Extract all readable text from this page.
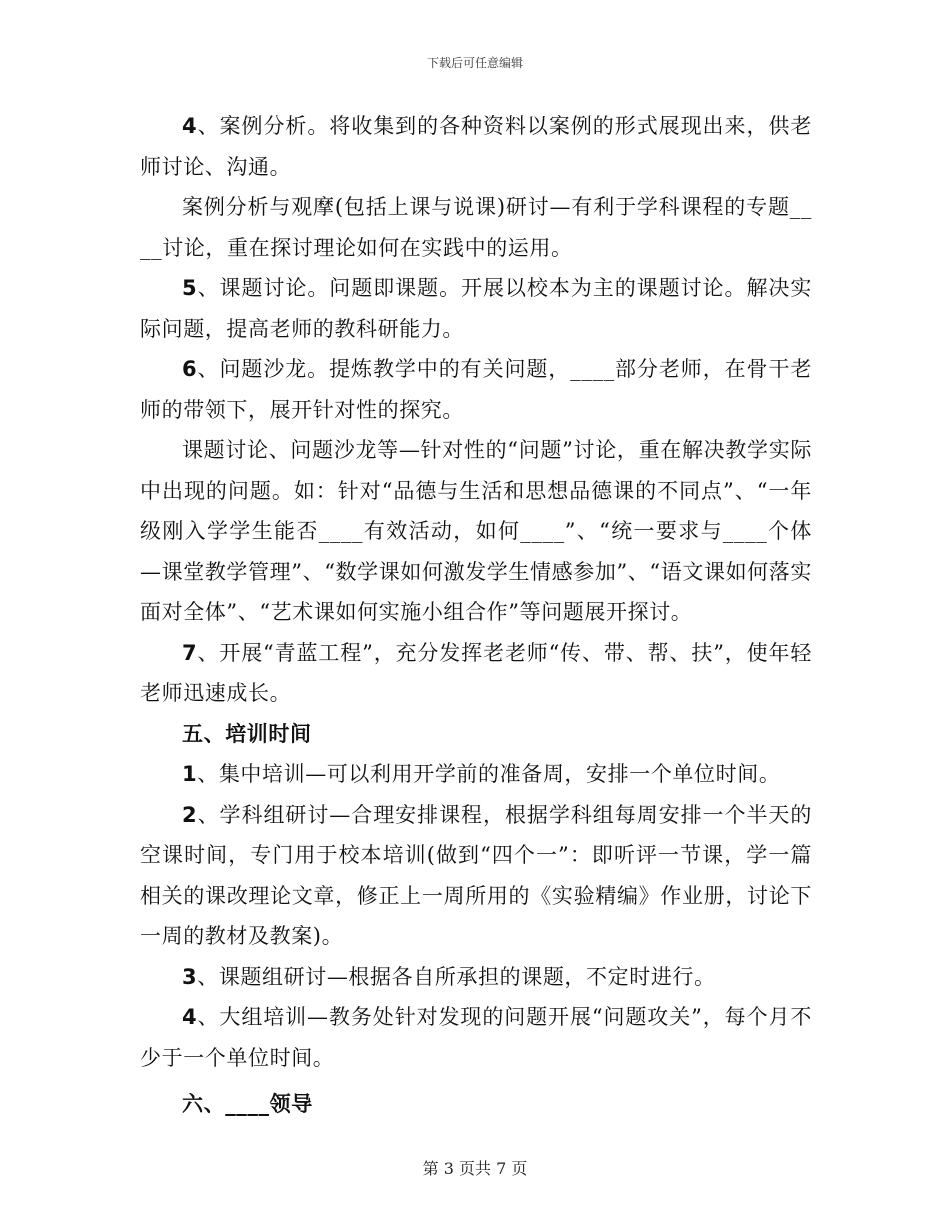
下载后可任意编辑

4、案例分析。将收集到的各种资料以案例的形式展现出来，供老师讨论、沟通。

案例分析与观摩(包括上课与说课)研讨—有利于学科课程的专题____讨论，重在探讨理论如何在实践中的运用。

5、课题讨论。问题即课题。开展以校本为主的课题讨论。解决实际问题，提高老师的教科研能力。

6、问题沙龙。提炼教学中的有关问题，____部分老师，在骨干老师的带领下，展开针对性的探究。

课题讨论、问题沙龙等—针对性的“问题”讨论，重在解决教学实际中出现的问题。如：针对“品德与生活和思想品德课的不同点”、“一年级刚入学学生能否____有效活动，如何____”、“统一要求与____个体—课堂教学管理”、“数学课如何激发学生情感参加”、“语文课如何落实面对全体”、“艺术课如何实施小组合作”等问题展开探讨。

7、开展“青蓝工程”，充分发挥老老师“传、带、帮、扶”，使年轻老师迅速成长。

五、培训时间

1、集中培训—可以利用开学前的准备周，安排一个单位时间。

2、学科组研讨—合理安排课程，根据学科组每周安排一个半天的空课时间，专门用于校本培训(做到“四个一”：即听评一节课，学一篇相关的课改理论文章，修正上一周所用的《实验精编》作业册，讨论下一周的教材及教案)。

3、课题组研讨—根据各自所承担的课题，不定时进行。

4、大组培训—教务处针对发现的问题开展“问题攻关”，每个月不少于一个单位时间。

六、____领导

第 3 页共 7 页
